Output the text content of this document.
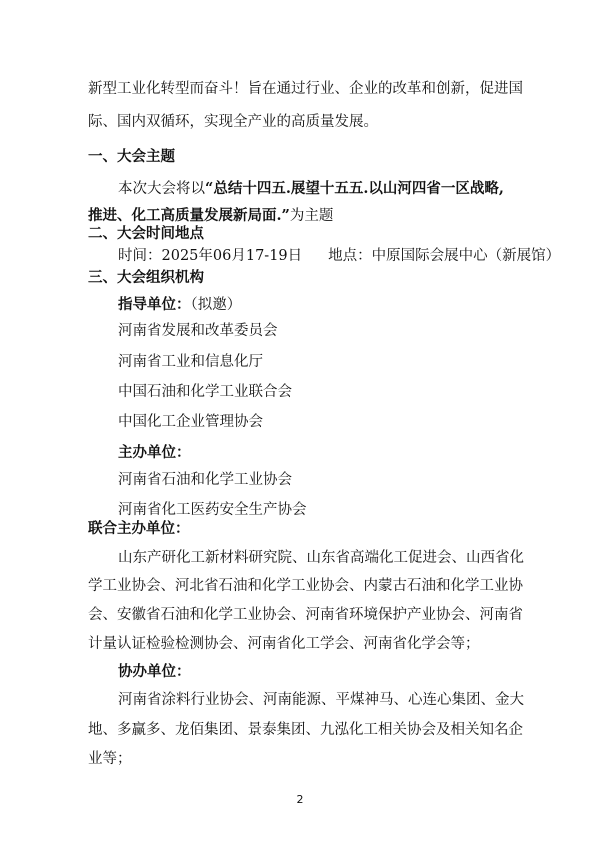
新型工业化转型而奋斗！旨在通过行业、企业的改革和创新，促进国
际、国内双循环，实现全产业的高质量发展。
一、大会主题
本次大会将以“总结十四五.展望十五五.以山河四省一区战略,
推进、化工高质量发展新局面.”为主题
二、大会时间地点
时间：2025年06月17-19日 地点：中原国际会展中心（新展馆）
三、大会组织机构
指导单位：（拟邀）
河南省发展和改革委员会
河南省工业和信息化厅
中国石油和化学工业联合会
中国化工企业管理协会
主办单位：
河南省石油和化学工业协会
河南省化工医药安全生产协会
联合主办单位：
山东产研化工新材料研究院、山东省高端化工促进会、山西省化
学工业协会、河北省石油和化学工业协会、内蒙古石油和化学工业协
会、安徽省石油和化学工业协会、河南省环境保护产业协会、河南省
计量认证检验检测协会、河南省化工学会、河南省化学会等；
协办单位：
河南省涂料行业协会、河南能源、平煤神马、心连心集团、金大
地、多赢多、龙佰集团、景泰集团、九泓化工相关协会及相关知名企
业等；
2
